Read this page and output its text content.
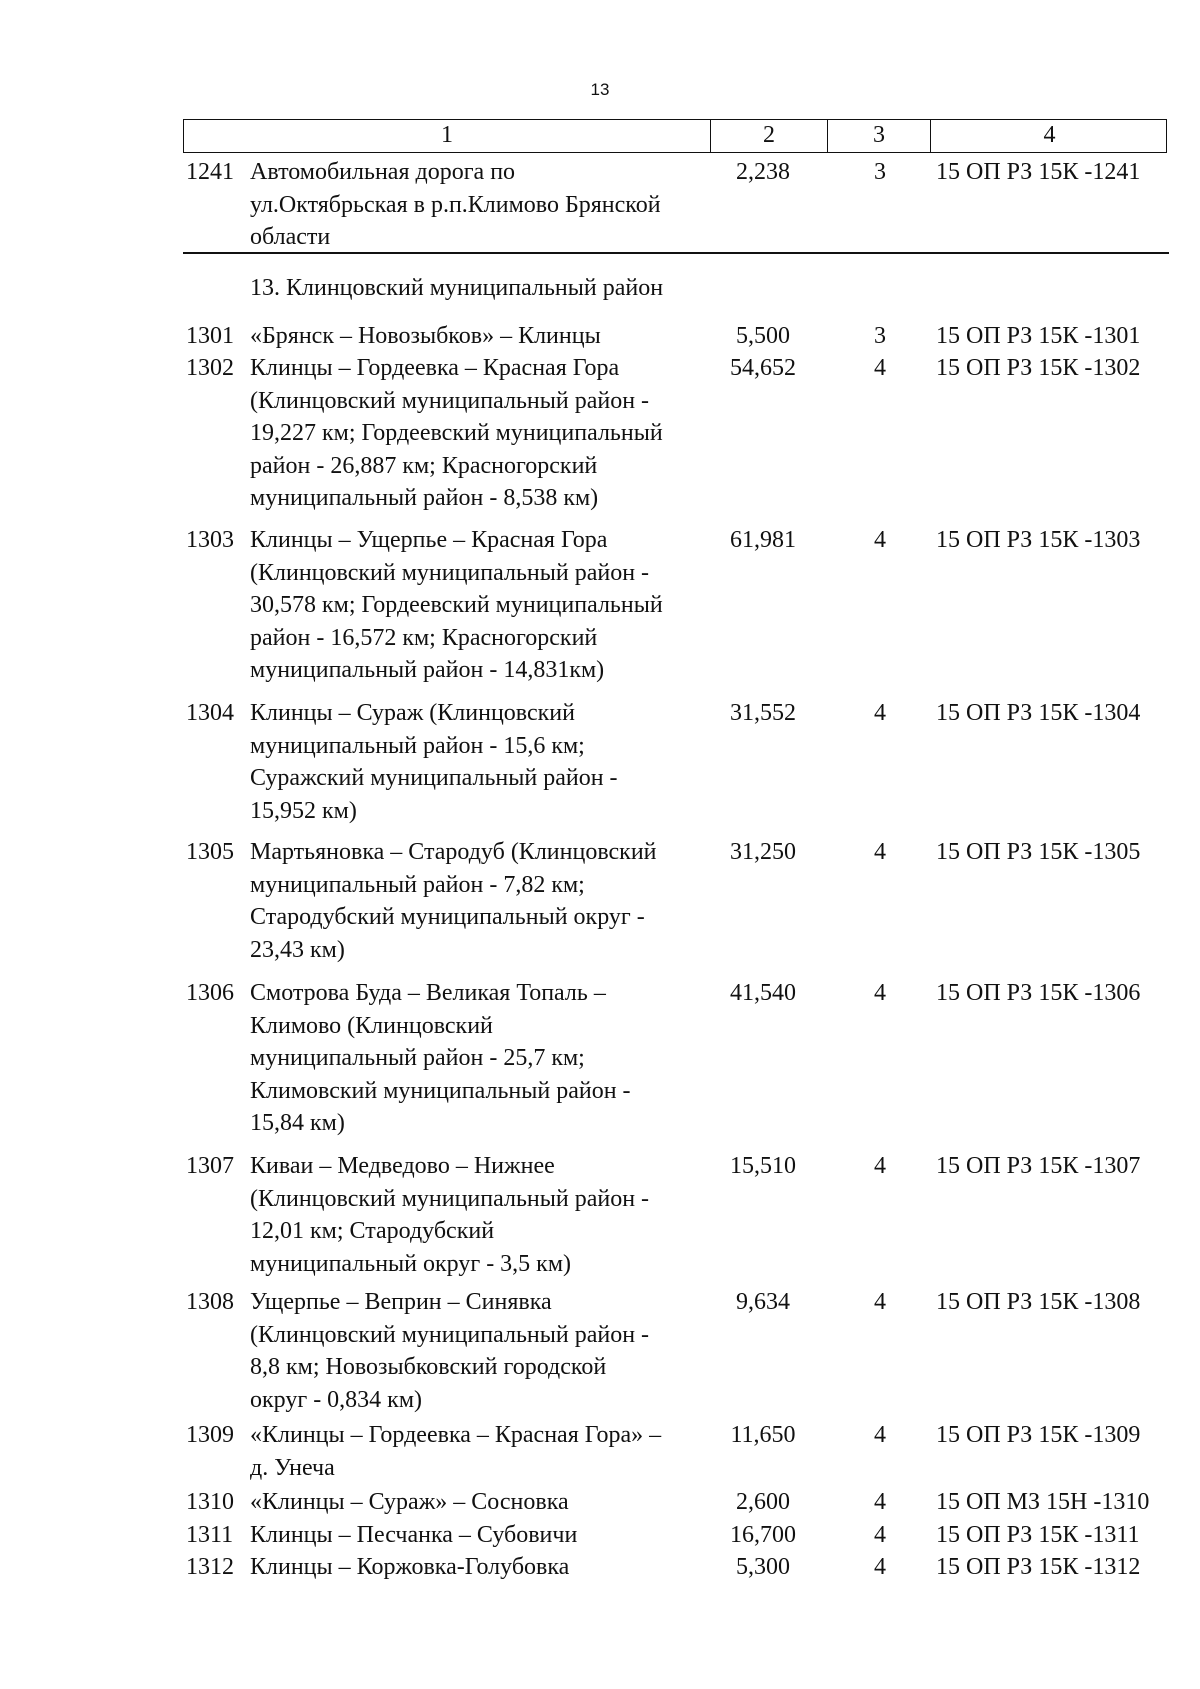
13
1	2	3	4
1241 Автомобильная дорога по
ул.Октябрьская в р.п.Климово Брянской
области
2,238	3	15 ОП РЗ 15К -1241
13. Клинцовский муниципальный район
1301 «Брянск – Новозыбков» – Клинцы	5,500	3	15 ОП РЗ 15К -1301
1302 Клинцы – Гордеевка – Красная Гора
(Клинцовский муниципальный район -
19,227 км; Гордеевский муниципальный
район - 26,887 км; Красногорский
муниципальный район - 8,538 км)
54,652	4	15 ОП РЗ 15К -1302
1303 Клинцы – Ущерпье – Красная Гора
(Клинцовский муниципальный район -
30,578 км; Гордеевский муниципальный
район - 16,572 км; Красногорский
муниципальный район - 14,831км)
61,981	4	15 ОП РЗ 15К -1303
1304 Клинцы – Сураж (Клинцовский
муниципальный район - 15,6 км;
Суражский муниципальный район -
15,952 км)
31,552	4	15 ОП РЗ 15К -1304
1305 Мартьяновка – Стародуб (Клинцовский
муниципальный район - 7,82 км;
Стародубский муниципальный округ -
23,43 км)
31,250	4	15 ОП РЗ 15К -1305
1306 Смотрова Буда – Великая Топаль –
Климово (Клинцовский
муниципальный район - 25,7 км;
Климовский муниципальный район -
15,84 км)
41,540	4	15 ОП РЗ 15К -1306
1307 Киваи – Медведово – Нижнее
(Клинцовский муниципальный район -
12,01 км; Стародубский
муниципальный округ - 3,5 км)
15,510	4	15 ОП РЗ 15К -1307
1308 Ущерпье – Веприн – Синявка
(Клинцовский муниципальный район -
8,8 км; Новозыбковский городской
округ - 0,834 км)
9,634	4	15 ОП РЗ 15К -1308
1309 «Клинцы – Гордеевка – Красная Гора» –
д. Унеча
11,650	4	15 ОП РЗ 15К -1309
1310 «Клинцы – Сураж» – Сосновка	2,600	4	15 ОП МЗ 15Н -1310
1311 Клинцы – Песчанка – Субовичи	16,700	4	15 ОП РЗ 15К -1311
1312 Клинцы – Коржовка-Голубовка	5,300	4	15 ОП РЗ 15К -1312
